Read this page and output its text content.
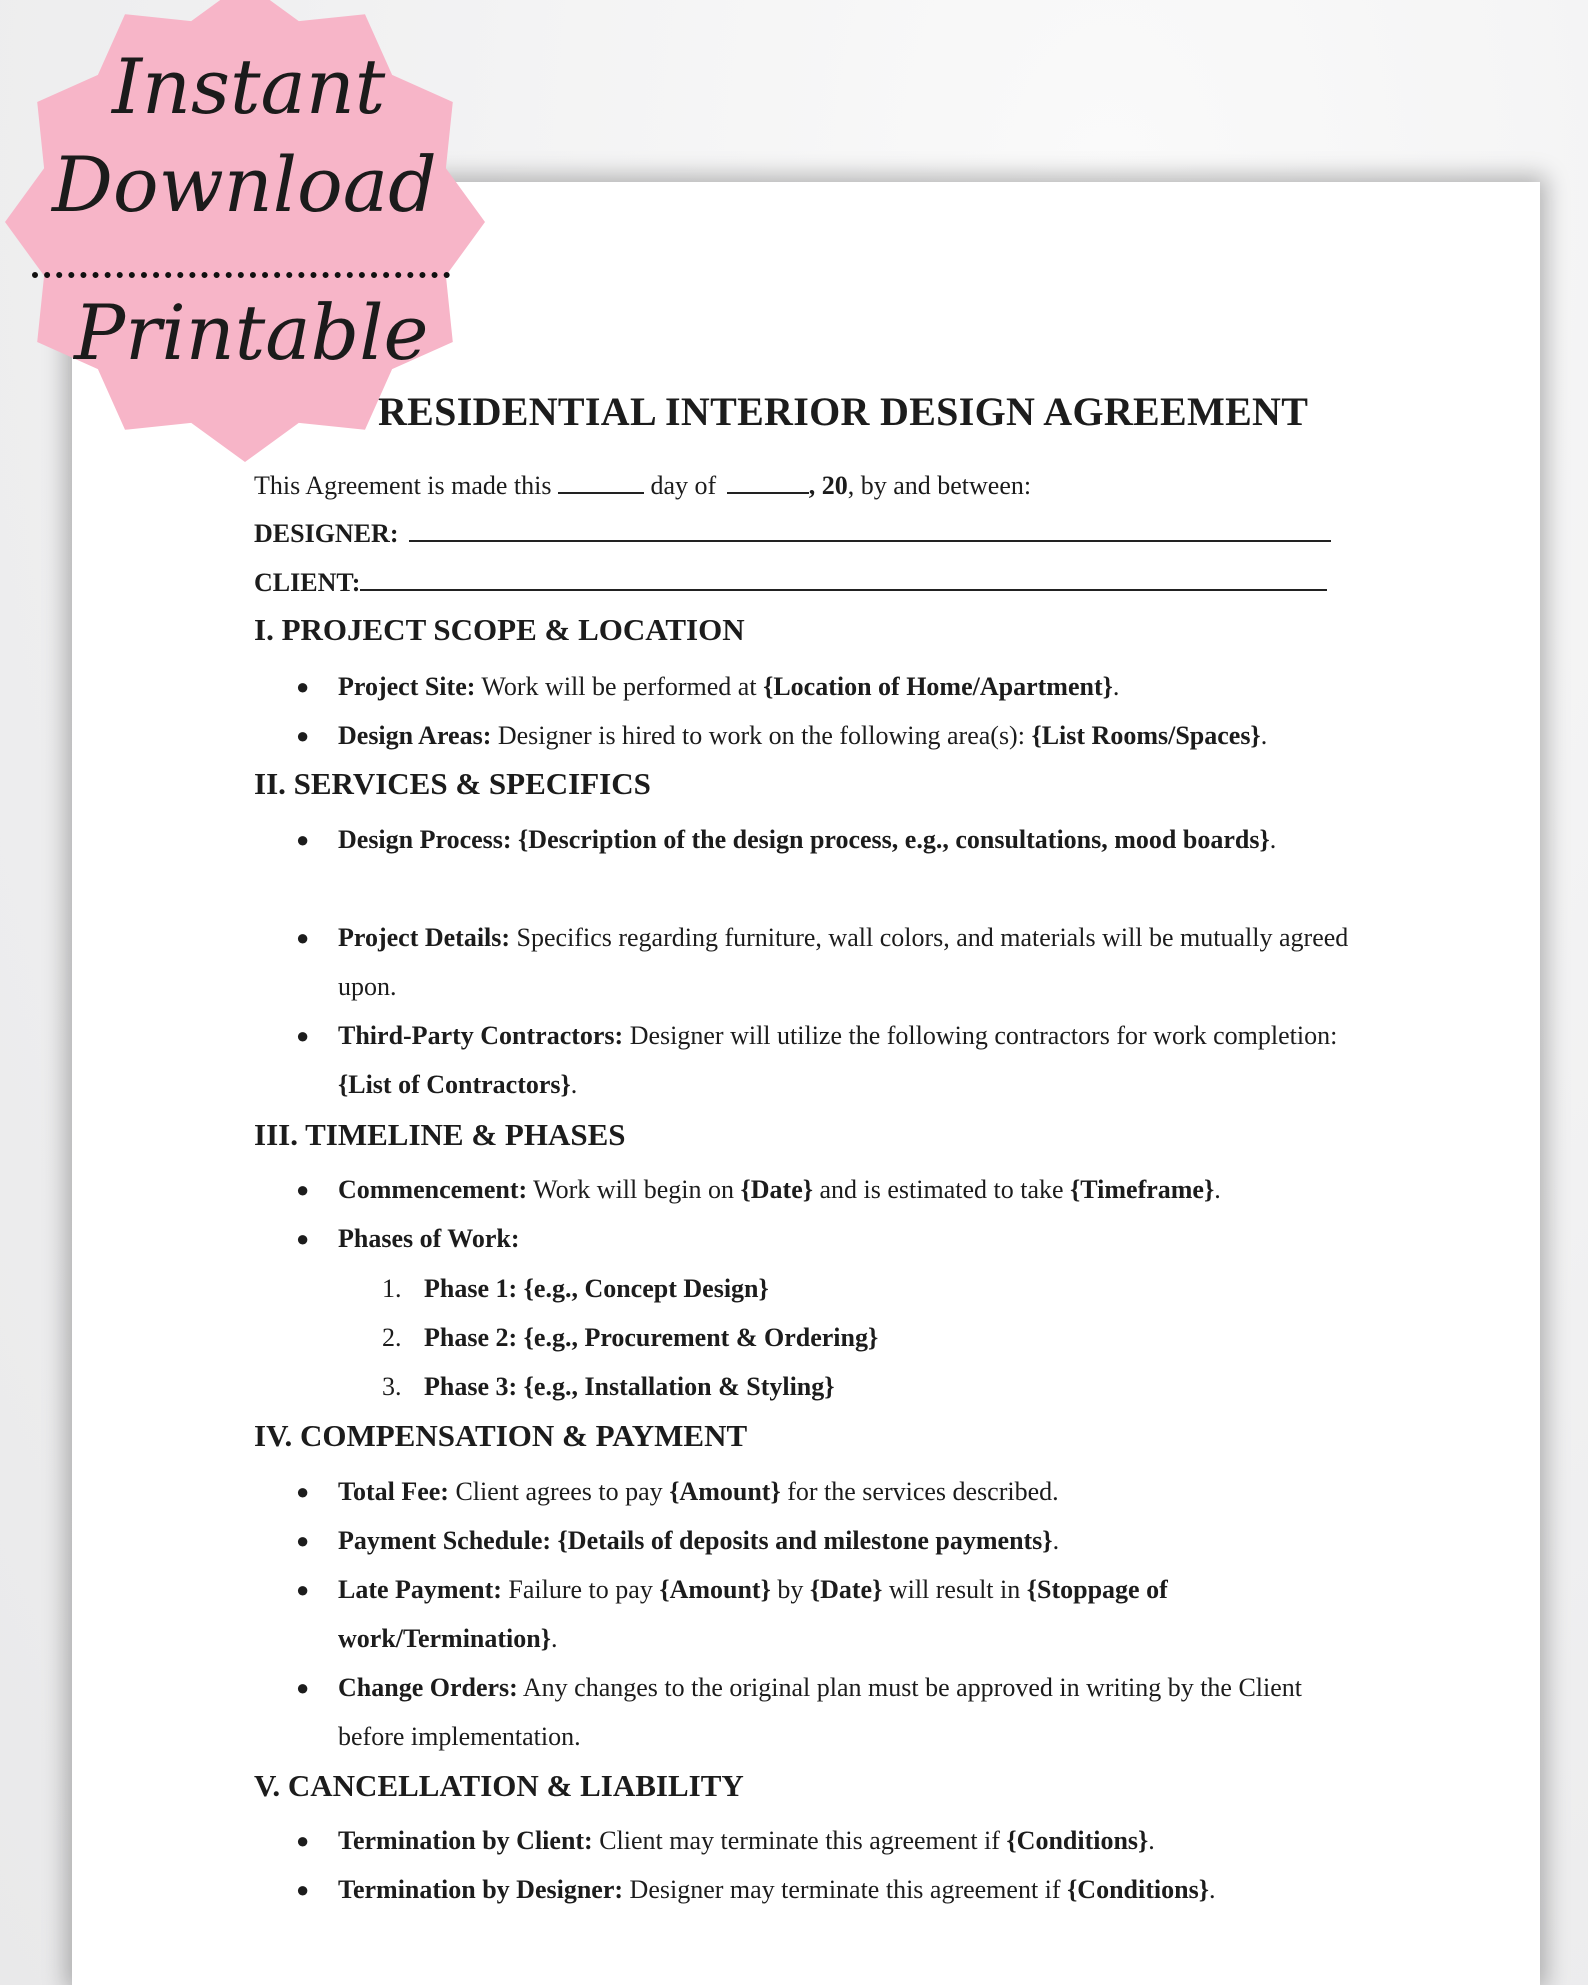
RESIDENTIAL INTERIOR DESIGN AGREEMENT
This Agreement is made this	day of	, 20, by and between:
DESIGNER:
CLIENT:
I. PROJECT SCOPE & LOCATION
● Project Site: Work will be performed at {Location of Home/Apartment}.
● Design Areas: Designer is hired to work on the following area(s): {List Rooms/Spaces}.
II. SERVICES & SPECIFICS
● Design Process: {Description of the design process, e.g., consultations, mood boards}.
● Project Details: Specifics regarding furniture, wall colors, and materials will be mutually agreed upon.
● Third-Party Contractors: Designer will utilize the following contractors for work completion: {List of Contractors}.
III. TIMELINE & PHASES
● Commencement: Work will begin on {Date} and is estimated to take {Timeframe}.
● Phases of Work:
1. Phase 1: {e.g., Concept Design}
2. Phase 2: {e.g., Procurement & Ordering}
3. Phase 3: {e.g., Installation & Styling}
IV. COMPENSATION & PAYMENT
● Total Fee: Client agrees to pay {Amount} for the services described.
● Payment Schedule: {Details of deposits and milestone payments}.
● Late Payment: Failure to pay {Amount} by {Date} will result in {Stoppage of work/Termination}.
● Change Orders: Any changes to the original plan must be approved in writing by the Client before implementation.
V. CANCELLATION & LIABILITY
● Termination by Client: Client may terminate this agreement if {Conditions}.
● Termination by Designer: Designer may terminate this agreement if {Conditions}.
Instant
Download
Printable
